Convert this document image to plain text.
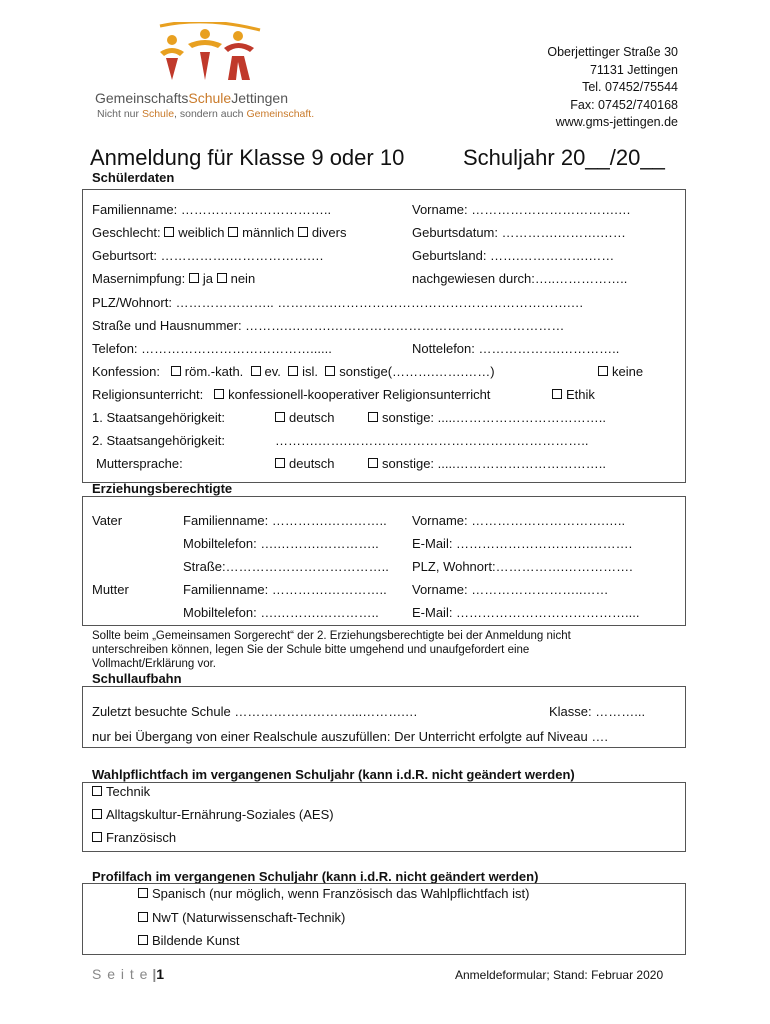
GemeinschaftsSchuleJettingen
Nicht nur Schule, sondern auch Gemeinschaft.
Oberjettinger Straße 30
71131 Jettingen
Tel. 07452/75544
Fax: 07452/740168
www.gms-jettingen.de
Anmeldung für Klasse 9 oder 10	Schuljahr 20__/20__
Schülerdaten
Familienname: ……………………………..	Vorname: …………………………….…
Geschlecht: weiblich männlich divers	Geburtsdatum: ………….……….……
Geburtsort: …………….……………….…	Geburtsland: …….…………….……
Masernimpfung: ja nein	nachgewiesen durch:…..……………..
PLZ/Wohnort: ………………….. ………….……………………………………………….…
Straße und Hausnummer: ……….……….………………………………………………
Telefon: …………………………………......	Nottelefon: ……………….…………..
Konfession: röm.-kath. ev. isl. sonstige(……….…….……)	keine
Religionsunterricht: konfessionell-kooperativer Religionsunterricht	Ethik
1. Staatsangehörigkeit:	deutsch	sonstige: .....……………………………..
2. Staatsangehörigkeit:	……….…….………………………………………………..
Muttersprache:	deutsch	sonstige: .....……………………………..
Erziehungsberechtigte
Vater	Familienname: ………….………….. Vorname: ………………………….…..
Mobiltelefon: ….……….…………..	E-Mail: ………………………….……….
Straße:……………………………….. PLZ, Wohnort:…………….…………….
Mutter	Familienname: ………….………….. Vorname: ……………………..……
Mobiltelefon: ….……….…………..	E-Mail: …………………………………....
Sollte beim „Gemeinsamen Sorgerecht“ der 2. Erziehungsberechtigte bei der Anmeldung nicht
unterschreiben können, legen Sie der Schule bitte umgehend und unaufgefordert eine
Vollmacht/Erklärung vor.
Schullaufbahn
Zuletzt besuchte Schule ………………………...……….…	Klasse: ………...
nur bei Übergang von einer Realschule auszufüllen: Der Unterricht erfolgte auf Niveau ….
Wahlpflichtfach im vergangenen Schuljahr (kann i.d.R. nicht geändert werden)
Technik
Alltagskultur-Ernährung-Soziales (AES)
Französisch
Profilfach im vergangenen Schuljahr (kann i.d.R. nicht geändert werden)
Spanisch (nur möglich, wenn Französisch das Wahlpflichtfach ist)
NwT (Naturwissenschaft-Technik)
Bildende Kunst
S e i t e |1	Anmeldeformular; Stand: Februar 2020
